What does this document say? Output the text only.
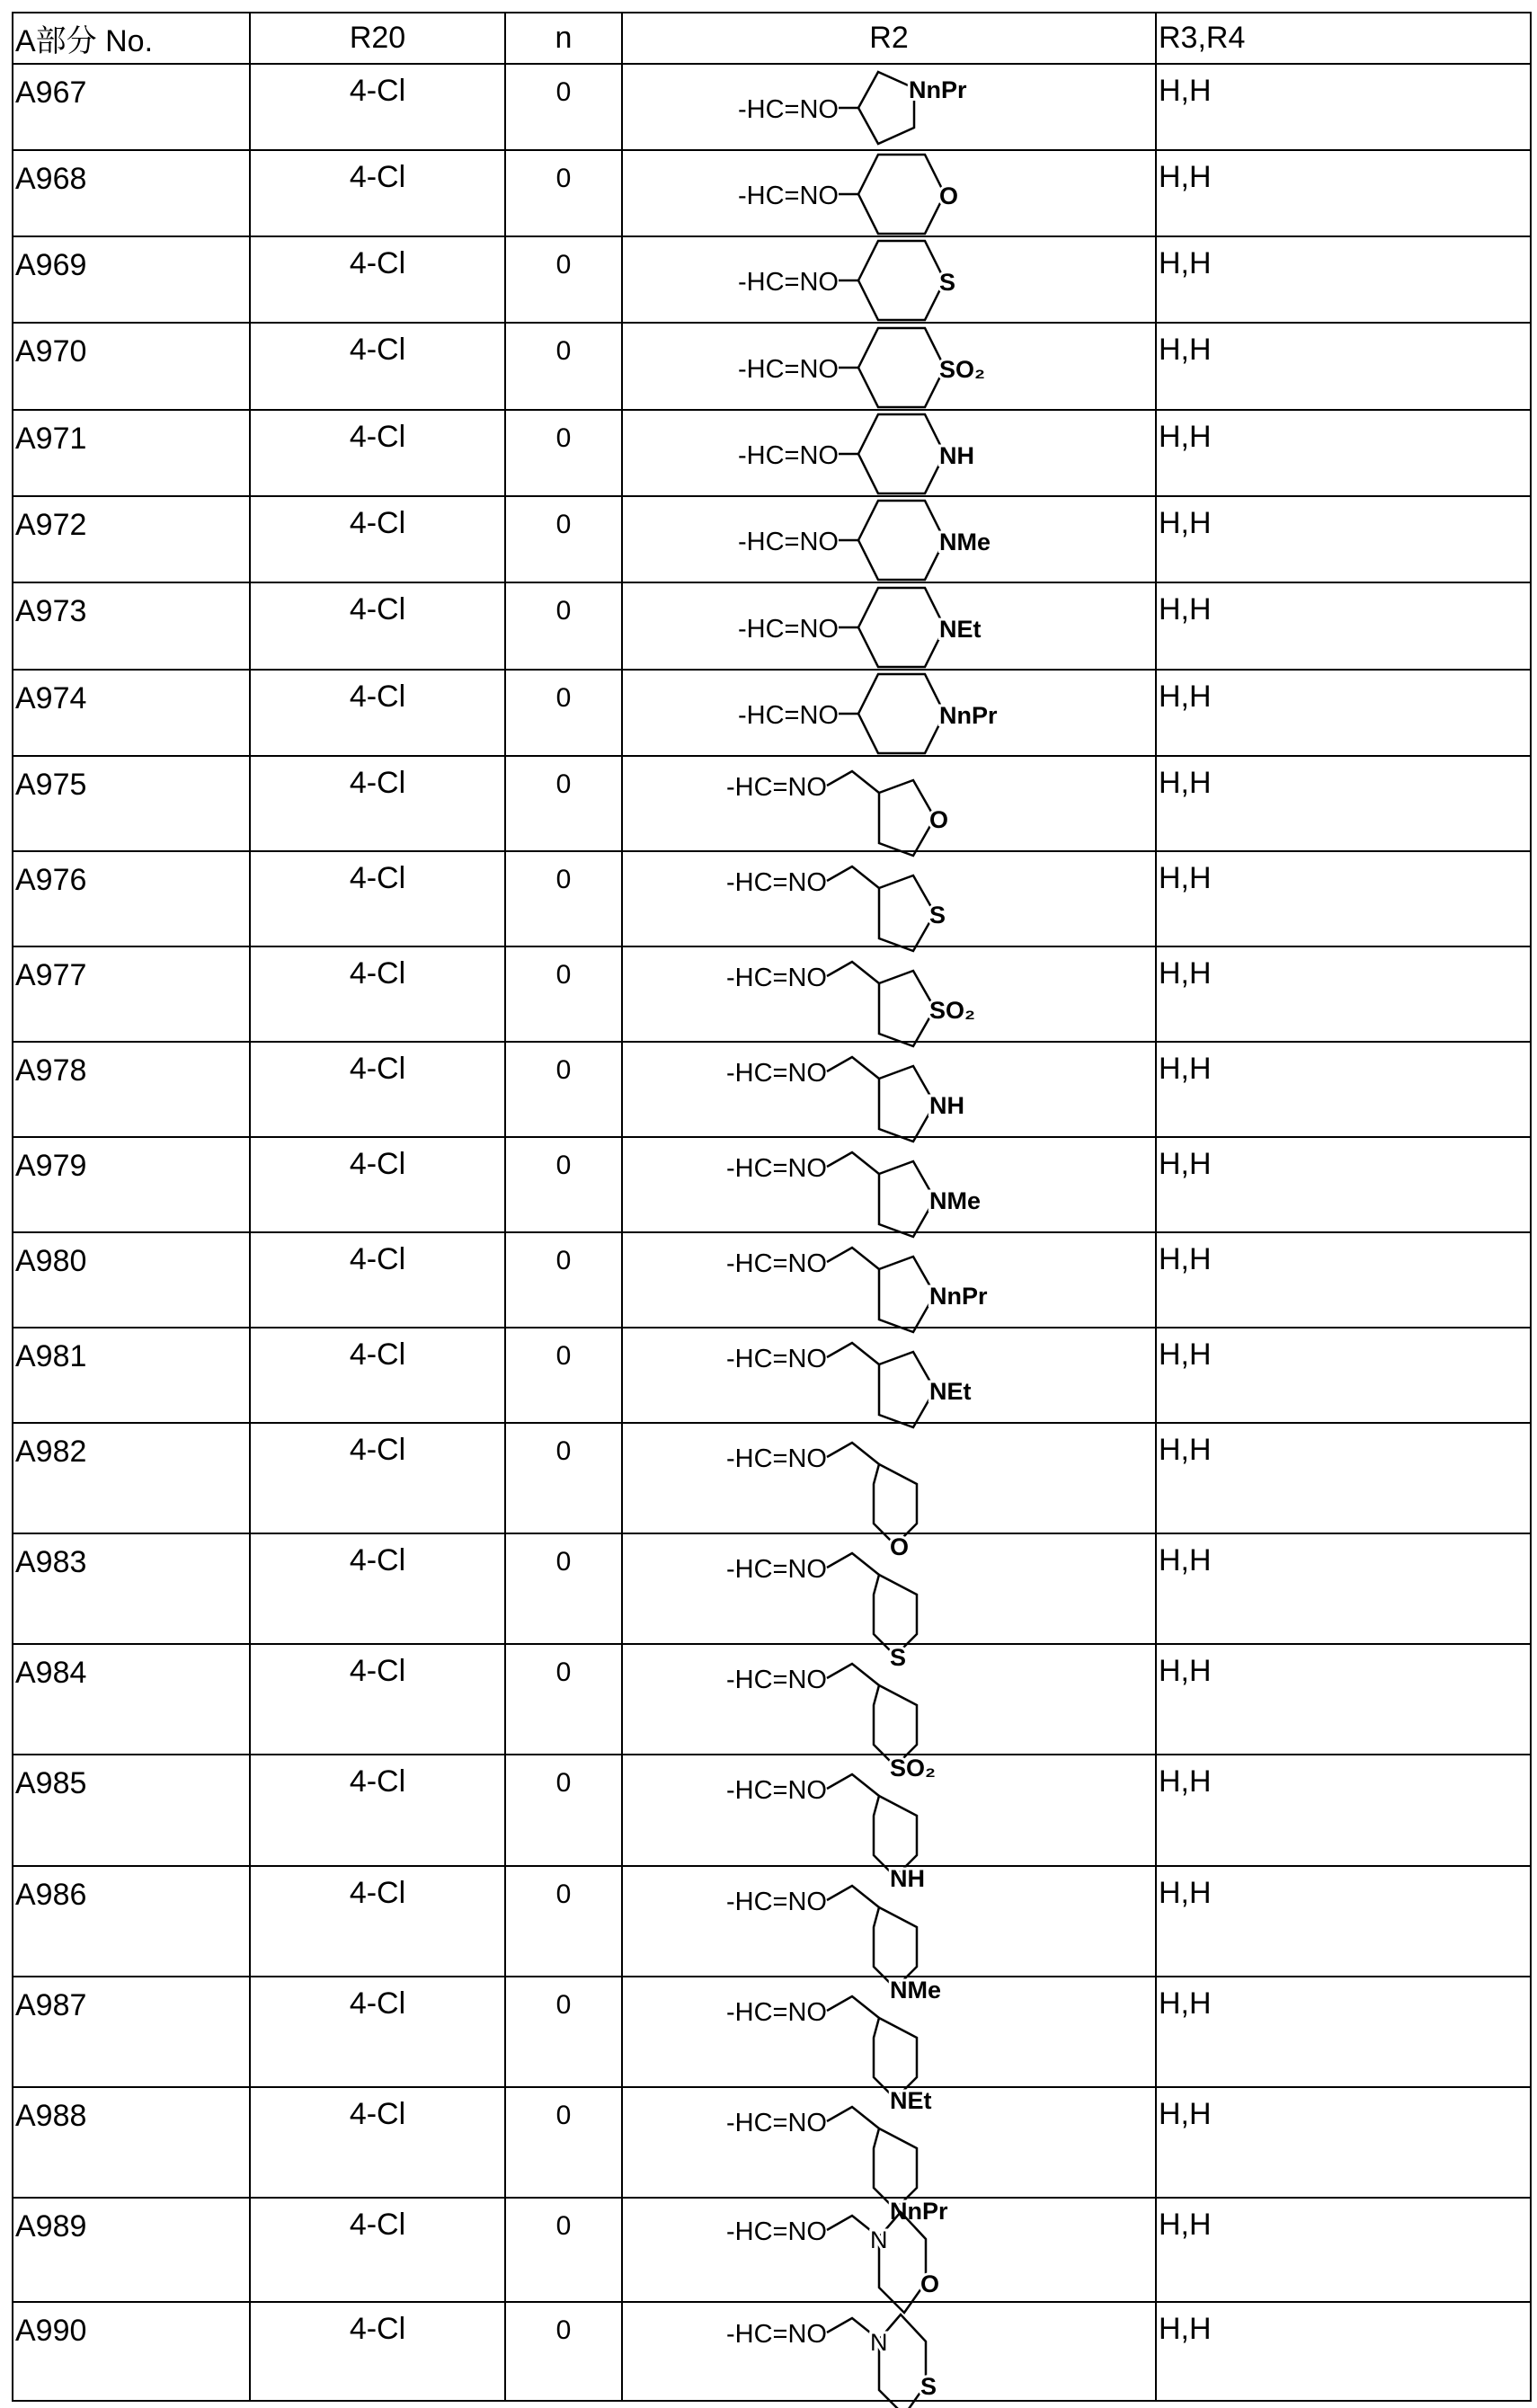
A部分 No.	R20	n	R2	R3,R4
A967	4-Cl	0	
-HC=NO
NnPr	H,H
A968	4-Cl	0	
-HC=NO	O
	H,H
A969	4-Cl	0	
-HC=NO	S
	H,H
A970	4-Cl	0	
-HC=NO	SO₂
	H,H
A971	4-Cl	0	
-HC=NO	NH
	H,H
A972	4-Cl	0	
-HC=NO	NMe
	H,H
A973	4-Cl	0	
-HC=NO	NEt
	H,H
A974	4-Cl	0	
-HC=NO	NnPr
	H,H
A975	4-Cl	0	-HC=NO
O
	H,H
A976	4-Cl	0	-HC=NO
S
	H,H
A977	4-Cl	0	-HC=NO
SO₂
	H,H
A978	4-Cl	0	-HC=NO
NH
	H,H
A979	4-Cl	0	-HC=NO
NMe
	H,H
A980	4-Cl	0	-HC=NO
NnPr
	H,H
A981	4-Cl	0	-HC=NO
NEt
	H,H
A982	4-Cl	0	-HC=NO
O
	H,H
A983	4-Cl	0	-HC=NO
S
	H,H
A984	4-Cl	0	-HC=NO
SO₂
	H,H
A985	4-Cl	0	-HC=NO
NH
	H,H
A986	4-Cl	0	-HC=NO
NMe
	H,H
A987	4-Cl	0	-HC=NO
NEt
	H,H
A988	4-Cl	0	-HC=NO
NnPr
	H,H
A989	4-Cl	0	-HC=NO
O
N	H,H
A990	4-Cl	0	-HC=NO
S
N	H,H
